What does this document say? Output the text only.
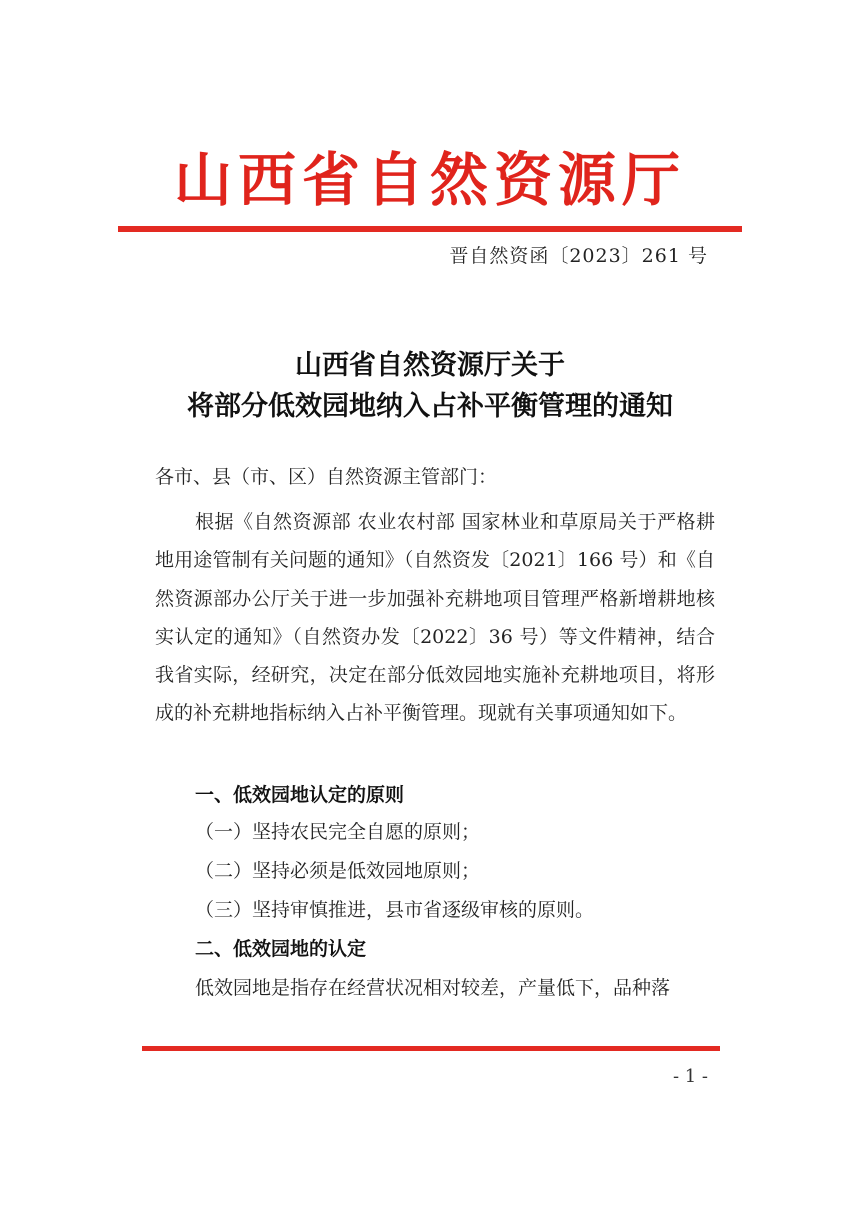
山西省自然资源厅
晋自然资函〔2023〕261 号
山西省自然资源厅关于
将部分低效园地纳入占补平衡管理的通知
各市、县（市、区）自然资源主管部门：
根据《自然资源部 农业农村部 国家林业和草原局关于严格耕地用途管制有关问题的通知》（自然资发〔2021〕166 号）和《自然资源部办公厅关于进一步加强补充耕地项目管理严格新增耕地核实认定的通知》（自然资办发〔2022〕36 号）等文件精神，结合我省实际，经研究，决定在部分低效园地实施补充耕地项目，将形成的补充耕地指标纳入占补平衡管理。现就有关事项通知如下。
一、低效园地认定的原则
（一）坚持农民完全自愿的原则；
（二）坚持必须是低效园地原则；
（三）坚持审慎推进，县市省逐级审核的原则。
二、低效园地的认定
低效园地是指存在经营状况相对较差，产量低下，品种落
- 1 -
